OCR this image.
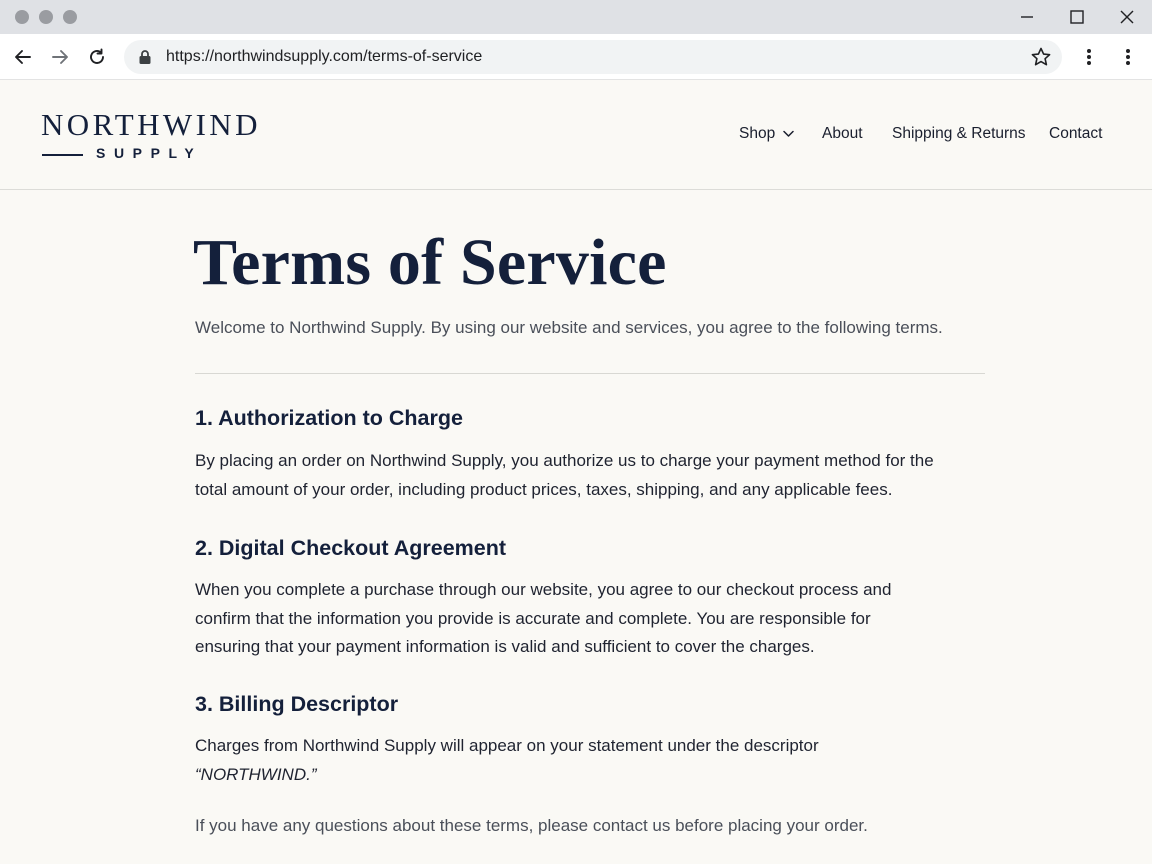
https://northwindsupply.com/terms-of-service
NORTHWIND
SUPPLY
Shop	About Shipping & Returns Contact
Terms of Service

Welcome to Northwind Supply. By using our website and services, you agree to the following terms.

1. Authorization to Charge

By placing an order on Northwind Supply, you authorize us to charge your payment method for the total amount of your order, including product prices, taxes, shipping, and any applicable fees.

2. Digital Checkout Agreement

When you complete a purchase through our website, you agree to our checkout process and confirm that the information you provide is accurate and complete. You are responsible for ensuring that your payment information is valid and sufficient to cover the charges.

3. Billing Descriptor

Charges from Northwind Supply will appear on your statement under the descriptor
“NORTHWIND.”

If you have any questions about these terms, please contact us before placing your order.
